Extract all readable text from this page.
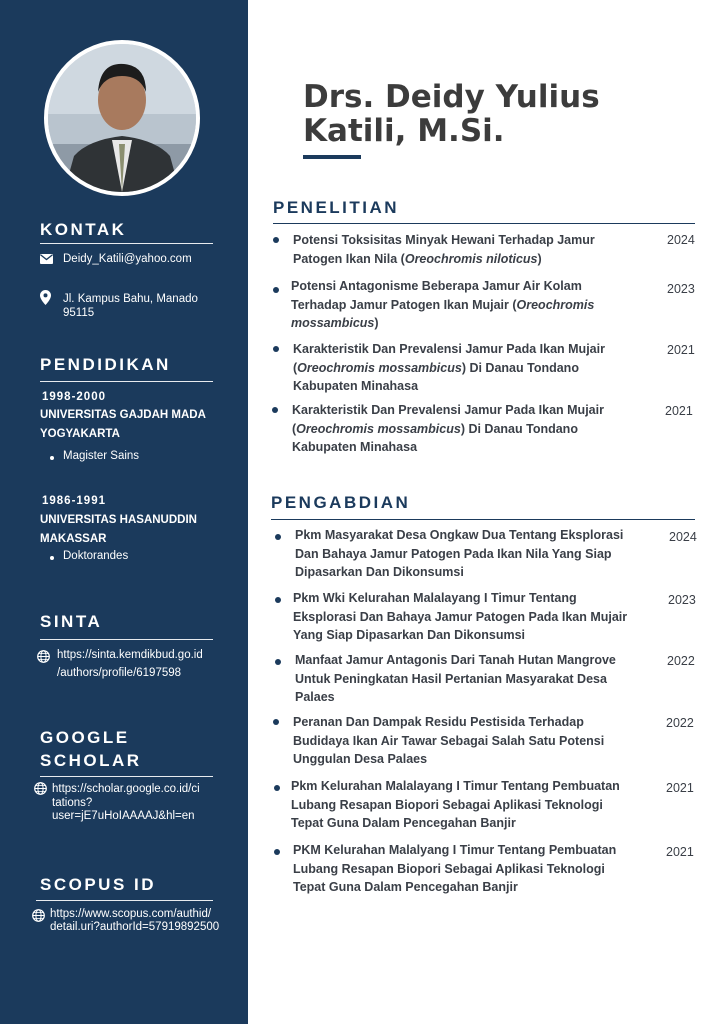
KONTAK
Deidy_Katili@yahoo.com
Jl. Kampus Bahu, Manado
95115
PENDIDIKAN
1998-2000
UNIVERSITAS GAJDAH MADA
YOGYAKARTA
Magister Sains
1986-1991
UNIVERSITAS HASANUDDIN
MAKASSAR
Doktorandes
SINTA
https://sinta.kemdikbud.go.id
/authors/profile/6197598
GOOGLE
SCHOLAR
https://scholar.google.co.id/ci
tations?
user=jE7uHoIAAAAJ&hl=en
SCOPUS ID
https://www.scopus.com/authid/
detail.uri?authorId=57919892500
Drs. Deidy Yulius
Katili, M.Si.
PENELITIAN
Potensi Toksisitas Minyak Hewani Terhadap Jamur
Patogen Ikan Nila (Oreochromis niloticus)
2024
Potensi Antagonisme Beberapa Jamur Air Kolam
Terhadap Jamur Patogen Ikan Mujair (Oreochromis
mossambicus)
2023
Karakteristik Dan Prevalensi Jamur Pada Ikan Mujair
(Oreochromis mossambicus) Di Danau Tondano
Kabupaten Minahasa
2021
Karakteristik Dan Prevalensi Jamur Pada Ikan Mujair
(Oreochromis mossambicus) Di Danau Tondano
Kabupaten Minahasa
2021
PENGABDIAN
Pkm Masyarakat Desa Ongkaw Dua Tentang Eksplorasi
Dan Bahaya Jamur Patogen Pada Ikan Nila Yang Siap
Dipasarkan Dan Dikonsumsi
2024
Pkm Wki Kelurahan Malalayang I Timur Tentang
Eksplorasi Dan Bahaya Jamur Patogen Pada Ikan Mujair
Yang Siap Dipasarkan Dan Dikonsumsi
2023
Manfaat Jamur Antagonis Dari Tanah Hutan Mangrove
Untuk Peningkatan Hasil Pertanian Masyarakat Desa
Palaes
2022
Peranan Dan Dampak Residu Pestisida Terhadap
Budidaya Ikan Air Tawar Sebagai Salah Satu Potensi
Unggulan Desa Palaes
2022
Pkm Kelurahan Malalayang I Timur Tentang Pembuatan
Lubang Resapan Biopori Sebagai Aplikasi Teknologi
Tepat Guna Dalam Pencegahan Banjir
2021
PKM Kelurahan Malalyang I Timur Tentang Pembuatan
Lubang Resapan Biopori Sebagai Aplikasi Teknologi
Tepat Guna Dalam Pencegahan Banjir
2021
